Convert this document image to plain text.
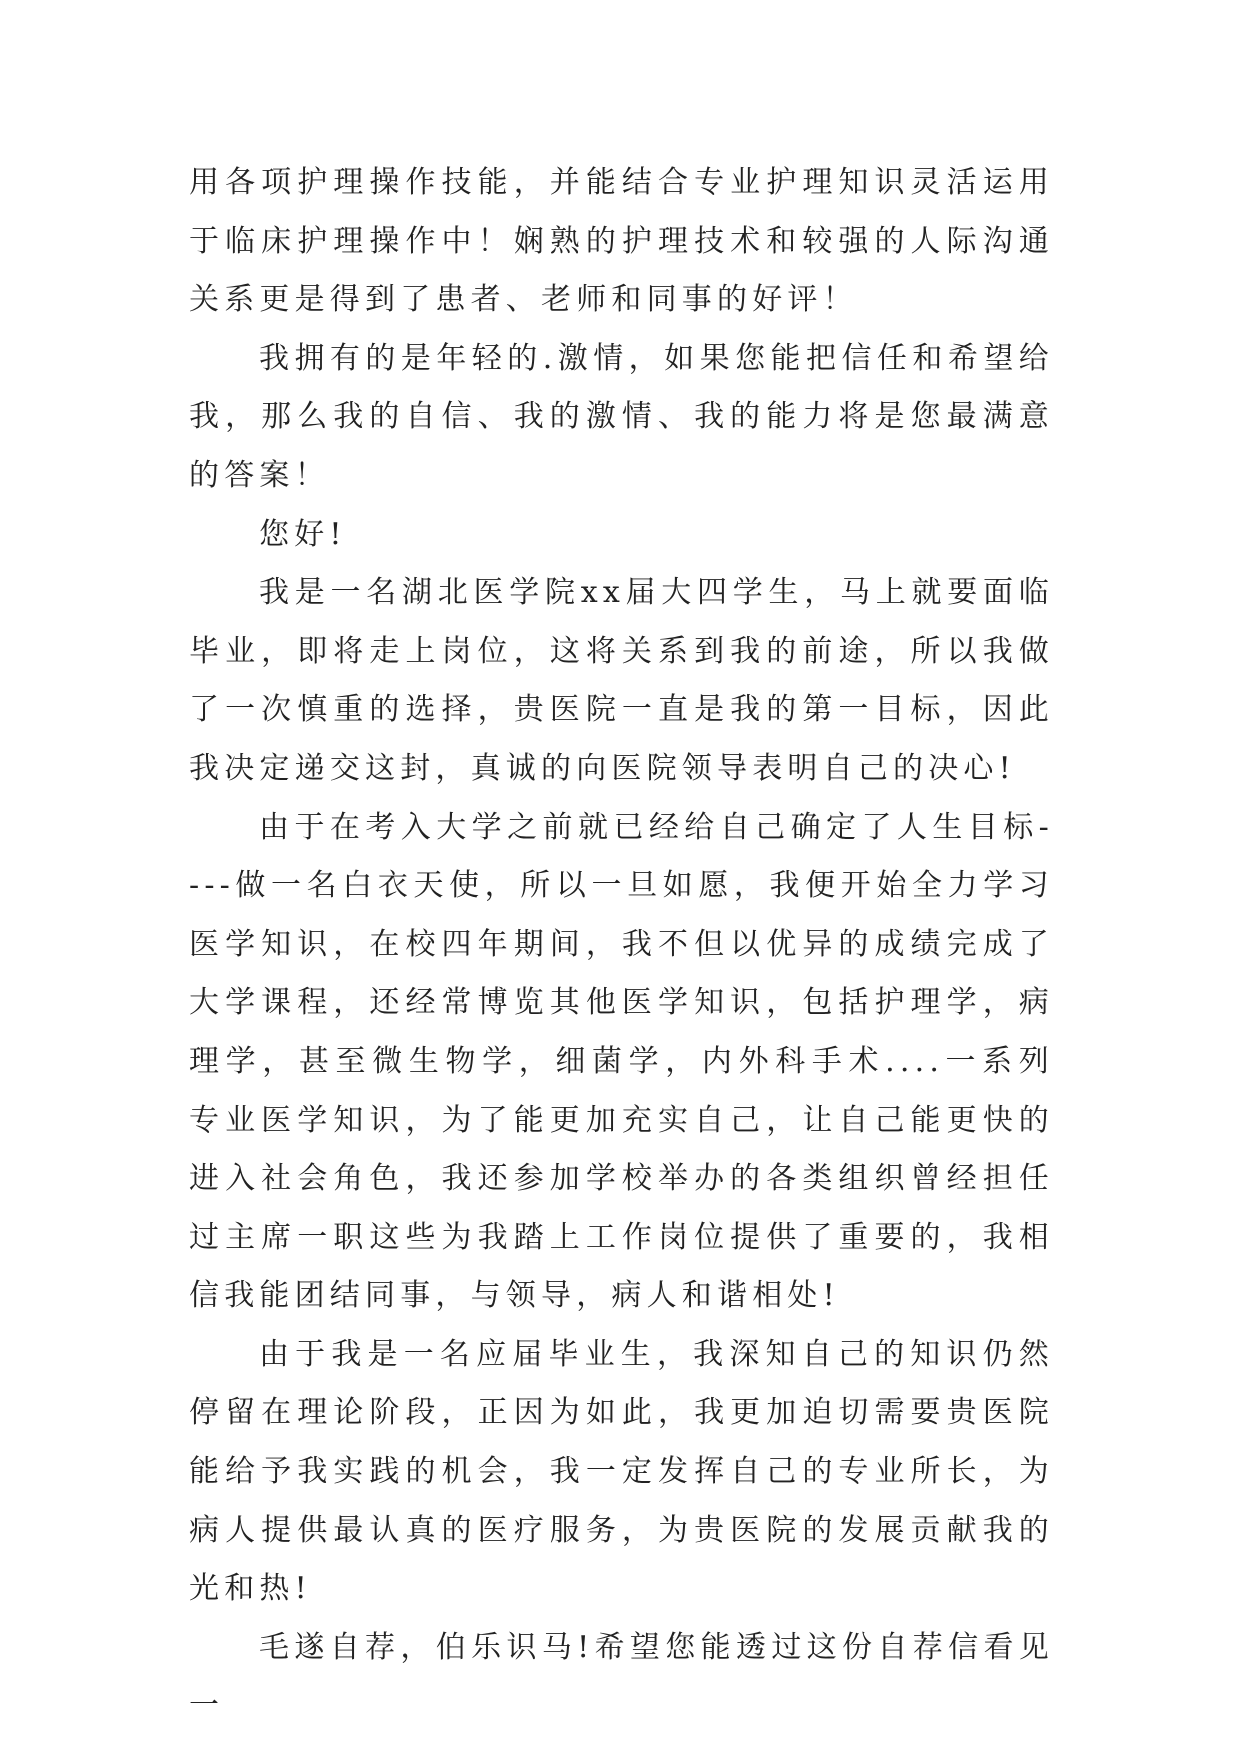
用各项护理操作技能，并能结合专业护理知识灵活运用于临床护理操作中！娴熟的护理技术和较强的人际沟通关系更是得到了患者、老师和同事的好评！

我拥有的是年轻的.激情，如果您能把信任和希望给我，那么我的自信、我的激情、我的能力将是您最满意的答案！

您好!

我是一名湖北医学院xx届大四学生，马上就要面临毕业，即将走上岗位，这将关系到我的前途，所以我做了一次慎重的选择，贵医院一直是我的第一目标，因此我决定递交这封，真诚的向医院领导表明自己的决心!

由于在考入大学之前就已经给自己确定了人生目标----做一名白衣天使，所以一旦如愿，我便开始全力学习医学知识，在校四年期间，我不但以优异的成绩完成了大学课程，还经常博览其他医学知识，包括护理学，病理学，甚至微生物学，细菌学，内外科手术....一系列专业医学知识，为了能更加充实自己，让自己能更快的进入社会角色，我还参加学校举办的各类组织曾经担任过主席一职这些为我踏上工作岗位提供了重要的，我相信我能团结同事，与领导，病人和谐相处!

由于我是一名应届毕业生，我深知自己的知识仍然停留在理论阶段，正因为如此，我更加迫切需要贵医院能给予我实践的机会，我一定发挥自己的专业所长，为病人提供最认真的医疗服务，为贵医院的发展贡献我的光和热!

毛遂自荐，伯乐识马!希望您能透过这份自荐信看见一
